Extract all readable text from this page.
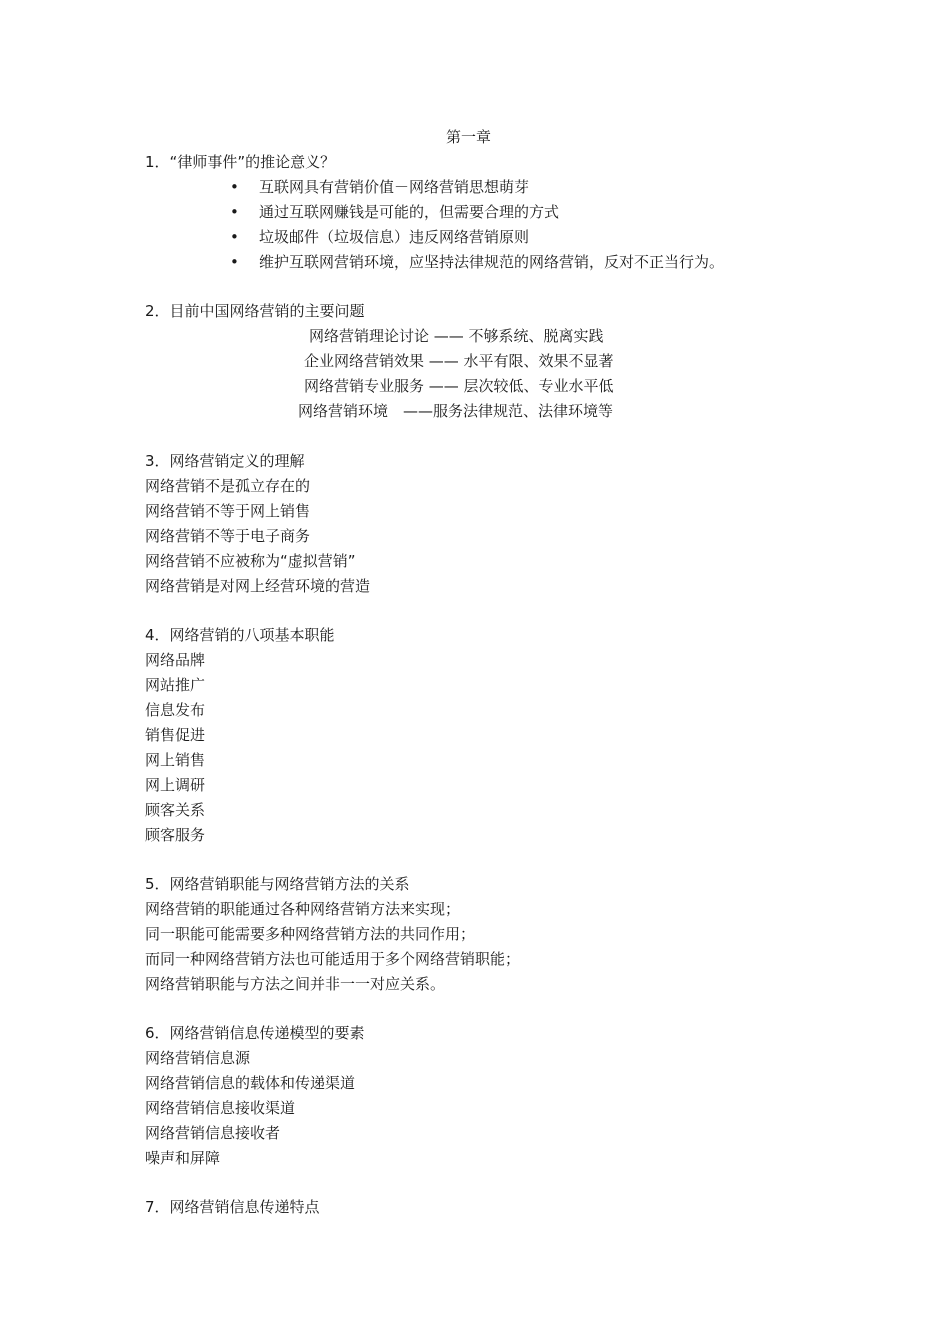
第一章
1．“律师事件”的推论意义？
• 互联网具有营销价值－网络营销思想萌芽
• 通过互联网赚钱是可能的，但需要合理的方式
• 垃圾邮件（垃圾信息）违反网络营销原则
• 维护互联网营销环境，应坚持法律规范的网络营销，反对不正当行为。
2．目前中国网络营销的主要问题
网络营销理论讨论 —— 不够系统、脱离实践
企业网络营销效果 —— 水平有限、效果不显著
网络营销专业服务 —— 层次较低、专业水平低
网络营销环境　——服务法律规范、法律环境等
3．网络营销定义的理解
网络营销不是孤立存在的
网络营销不等于网上销售
网络营销不等于电子商务
网络营销不应被称为“虚拟营销”
网络营销是对网上经营环境的营造
4．网络营销的八项基本职能
网络品牌
网站推广
信息发布
销售促进
网上销售
网上调研
顾客关系
顾客服务
5．网络营销职能与网络营销方法的关系
网络营销的职能通过各种网络营销方法来实现；
同一职能可能需要多种网络营销方法的共同作用；
而同一种网络营销方法也可能适用于多个网络营销职能；
网络营销职能与方法之间并非一一对应关系。
6．网络营销信息传递模型的要素
网络营销信息源
网络营销信息的载体和传递渠道
网络营销信息接收渠道
网络营销信息接收者
噪声和屏障
7．网络营销信息传递特点
